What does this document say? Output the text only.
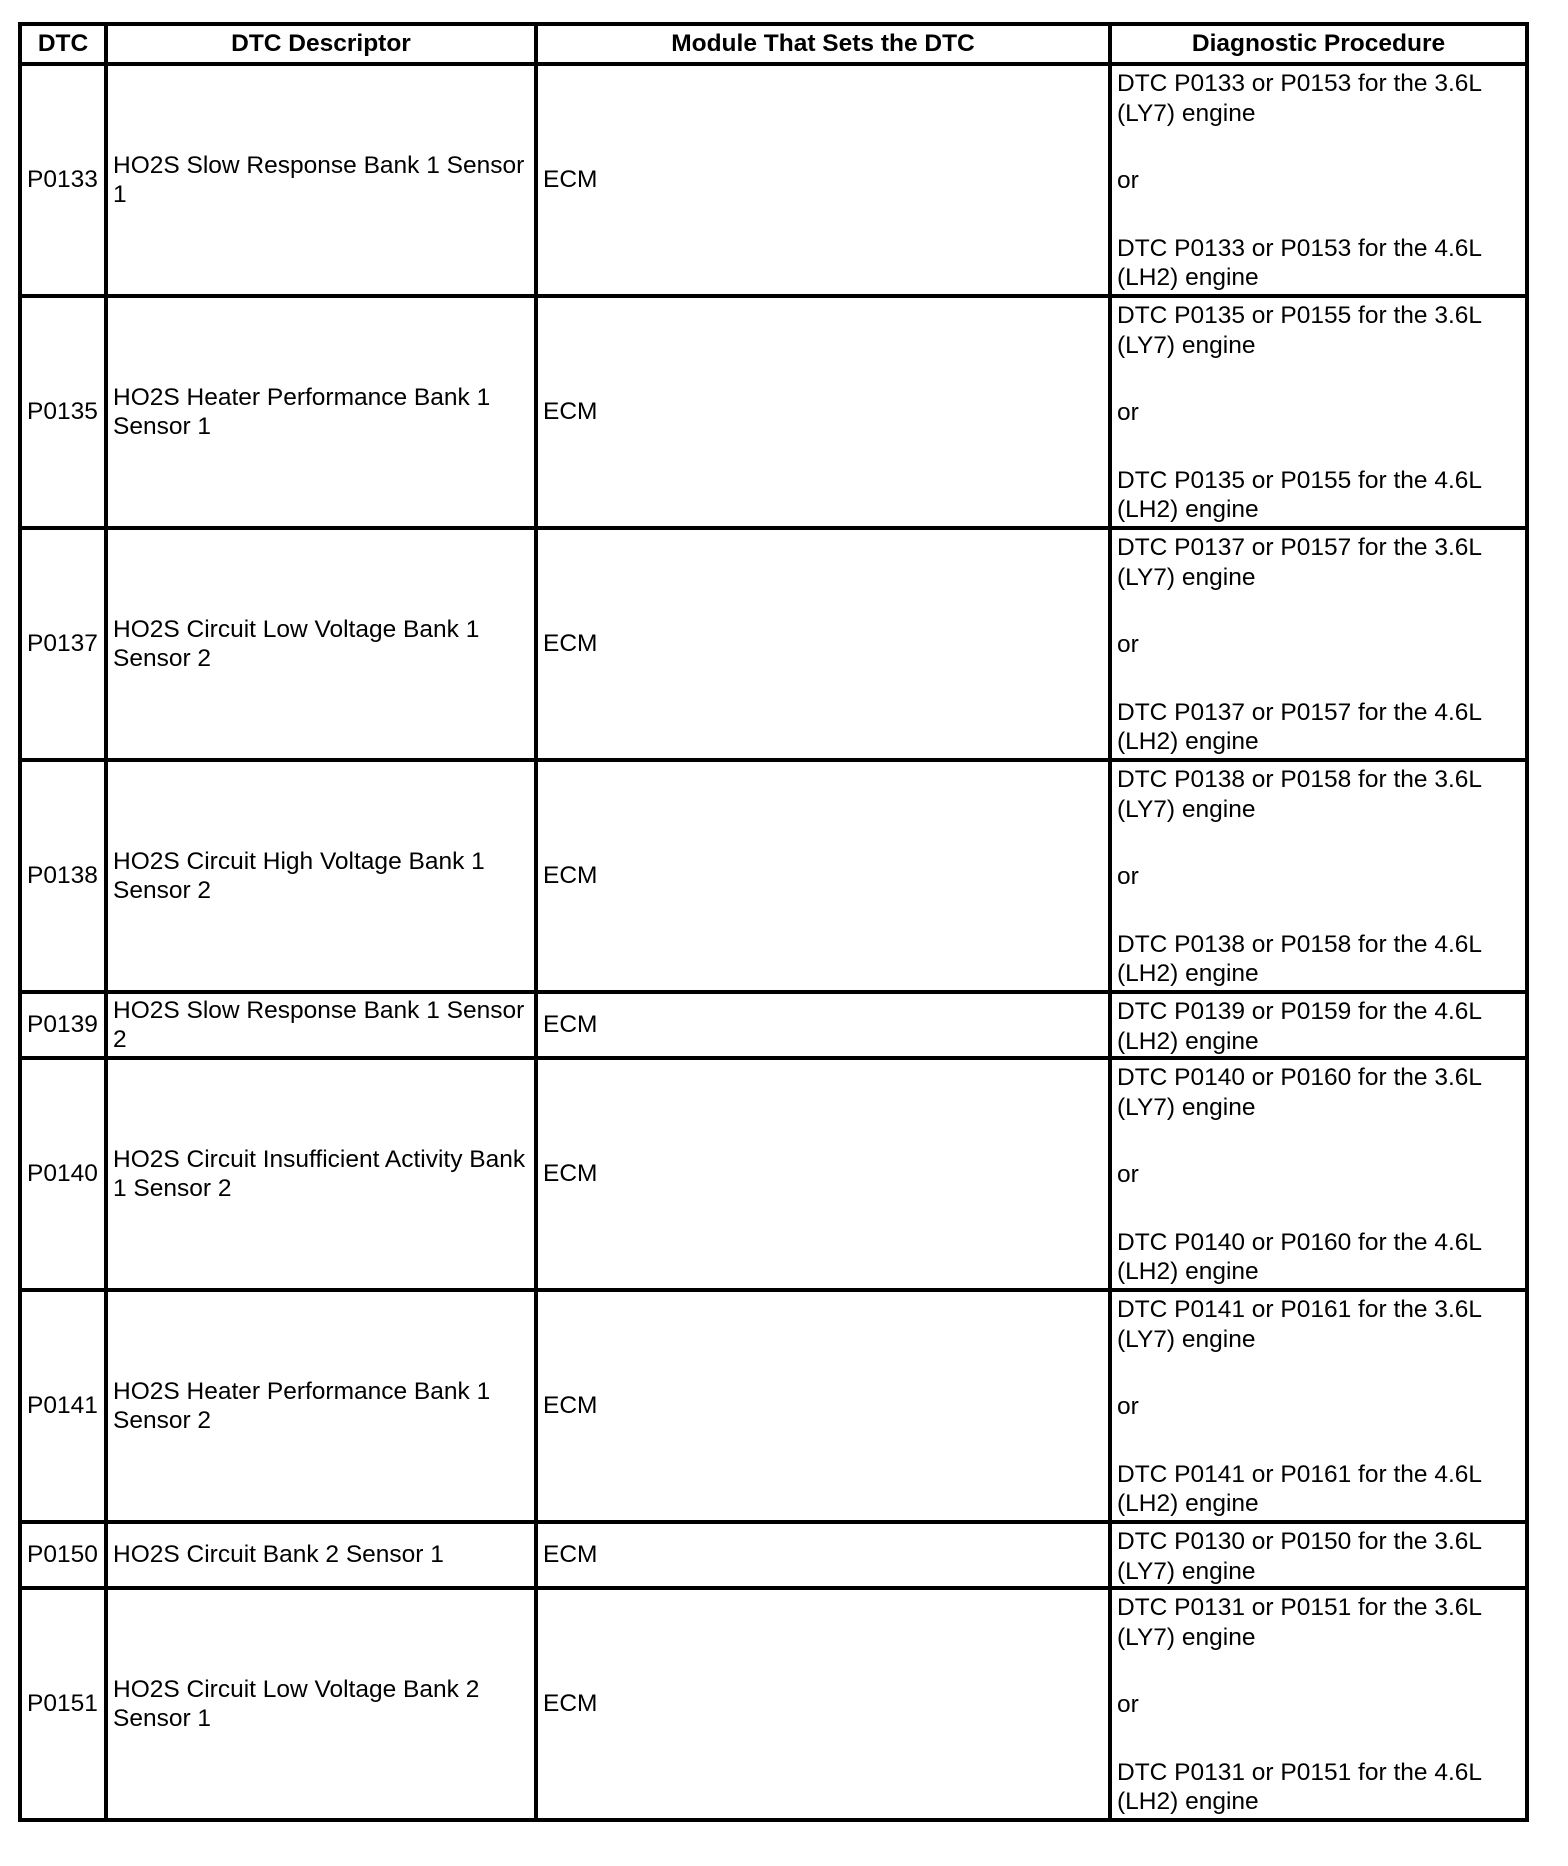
DTC	DTC Descriptor	Module That Sets the DTC	Diagnostic Procedure
P0133	HO2S Slow Response Bank 1 Sensor 1	ECM	DTC P0133 or P0153 for the 3.6L (LY7) engine
or
DTC P0133 or P0153 for the 4.6L (LH2) engine

P0135	HO2S Heater Performance Bank 1 Sensor 1	ECM	DTC P0135 or P0155 for the 3.6L (LY7) engine
or
DTC P0135 or P0155 for the 4.6L (LH2) engine

P0137	HO2S Circuit Low Voltage Bank 1 Sensor 2	ECM	DTC P0137 or P0157 for the 3.6L (LY7) engine
or
DTC P0137 or P0157 for the 4.6L (LH2) engine

P0138	HO2S Circuit High Voltage Bank 1 Sensor 2	ECM	DTC P0138 or P0158 for the 3.6L (LY7) engine
or
DTC P0138 or P0158 for the 4.6L (LH2) engine

P0139	HO2S Slow Response Bank 1 Sensor 2	ECM	DTC P0139 or P0159 for the 4.6L (LH2) engine

P0140	HO2S Circuit Insufficient Activity Bank 1 Sensor 2	ECM	DTC P0140 or P0160 for the 3.6L (LY7) engine
or
DTC P0140 or P0160 for the 4.6L (LH2) engine

P0141	HO2S Heater Performance Bank 1 Sensor 2	ECM	DTC P0141 or P0161 for the 3.6L (LY7) engine
or
DTC P0141 or P0161 for the 4.6L (LH2) engine

P0150	HO2S Circuit Bank 2 Sensor 1	ECM	DTC P0130 or P0150 for the 3.6L (LY7) engine

P0151	HO2S Circuit Low Voltage Bank 2 Sensor 1	ECM	DTC P0131 or P0151 for the 3.6L (LY7) engine
or
DTC P0131 or P0151 for the 4.6L (LH2) engine
